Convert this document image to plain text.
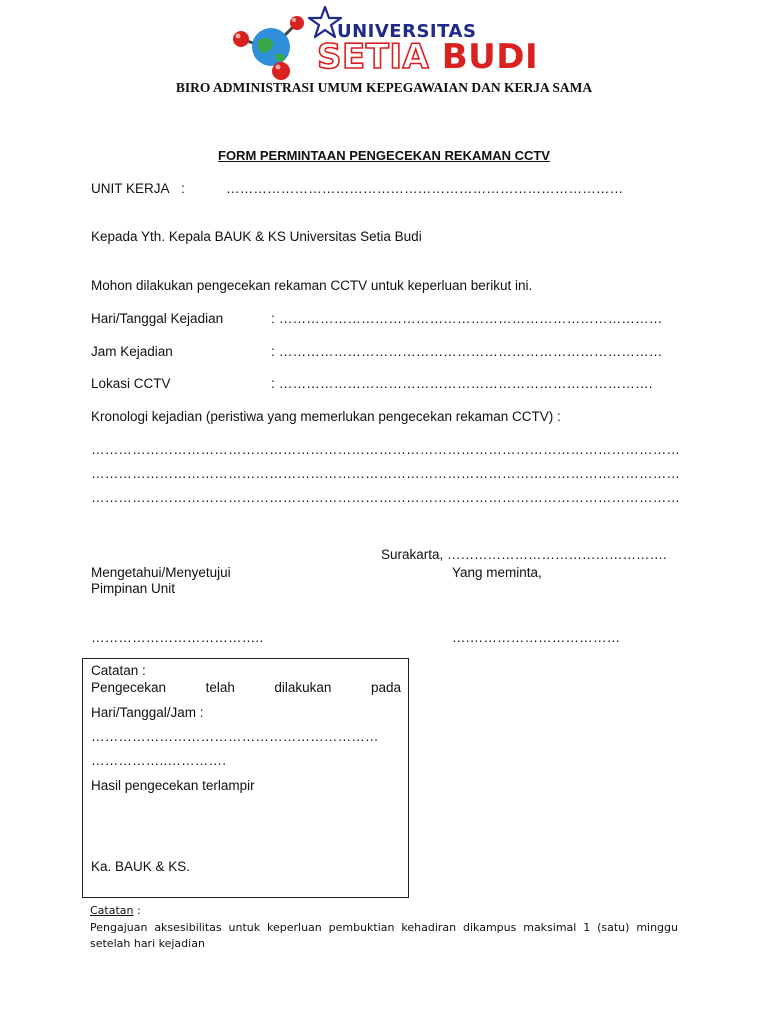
UNIVERSITAS
SETIA BUDI
BIRO ADMINISTRASI UMUM KEPEGAWAIAN DAN KERJA SAMA
FORM PERMINTAAN PENGECEKAN REKAMAN CCTV
UNIT KERJA :	……………………………………………………………………………
Kepada Yth. Kepala BAUK & KS Universitas Setia Budi
Mohon dilakukan pengecekan rekaman CCTV untuk keperluan berikut ini.
Hari/Tanggal Kejadian	: …………………………………………………………………………
Jam Kejadian	: …………………………………………………………………………
Lokasi CCTV	: ……………………………………………………………………….
Kronologi kejadian (peristiwa yang memerlukan pengecekan rekaman CCTV) :
…………………………………………………………………………………………………………………
…………………………………………………………………………………………………………………
…………………………………………………………………………………………………………………
Surakarta, ………………………………………….
Mengetahui/Menyetujui
Pimpinan Unit
Yang meminta,
………………………………..	….……………………………
Catatan :
Pengecekan	telah	dilakukan	pada
Hari/Tanggal/Jam :
………………………………………………………
……………..………….
Hasil pengecekan terlampir
Ka. BAUK & KS.
Catatan :
Pengajuan aksesibilitas untuk keperluan pembuktian kehadiran dikampus maksimal 1 (satu) minggu setelah hari kejadian
